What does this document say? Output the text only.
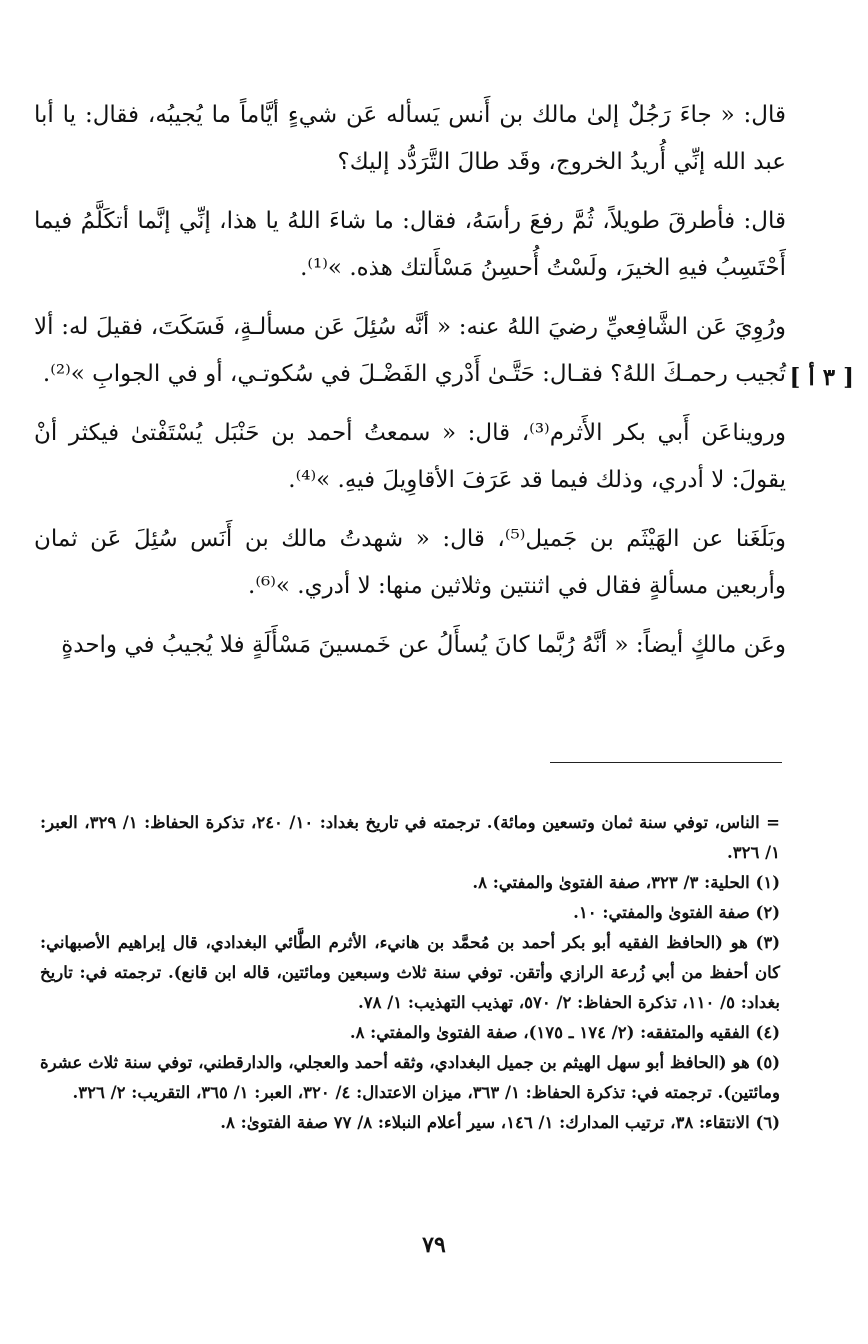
[ ٣ أ ]

قال: « جاءَ رَجُلٌ إلىٰ مالك بن أَنس يَسأله عَن شيءٍ أيَّاماً ما يُجيبُه، فقال: يا أبا عبد الله إنِّي أُريدُ الخروج، وقَد طالَ التَّرَدُّد إليك؟

قال: فأطرقَ طويلاً، ثُمَّ رفعَ رأسَهُ، فقال: ما شاءَ اللهُ يا هذا، إنِّي إنَّما أتكَلَّمُ فيما أَحْتَسِبُ فيهِ الخيرَ، ولَسْتُ أُحسِنُ مَسْأَلتك هذه. »⁽¹⁾.

ورُوِيَ عَن الشَّافِعيِّ رضيَ اللهُ عنه: « أنَّه سُئِلَ عَن مسألـةٍ، فَسَكَتَ، فقيلَ له: ألا تُجيب رحمـكَ اللهُ؟ فقـال: حَتَّـىٰ أَدْري الفَضْـلَ في سُكوتـي، أو في الجوابِ »⁽²⁾.

ورويناعَن أَبي بكر الأَثرم⁽³⁾، قال: « سمعتُ أحمد بن حَنْبَل يُسْتَفْتىٰ فيكثر أنْ يقولَ: لا أدري، وذلك فيما قد عَرَفَ الأقاوِيلَ فيهِ. »⁽⁴⁾.

وبَلَغَنا عن الهَيْثَم بن جَميل⁽⁵⁾، قال: « شهدتُ مالك بن أَنَس سُئِلَ عَن ثمان وأربعين مسألةٍ فقال في اثنتين وثلاثين منها: لا أدري. »⁽⁶⁾.

وعَن مالكٍ أيضاً: « أنَّهُ رُبَّما كانَ يُسأَلُ عن خَمسينَ مَسْأَلَةٍ فلا يُجيبُ في واحدةٍ

= الناس، توفي سنة ثمان وتسعين ومائة). ترجمته في تاريخ بغداد: ١٠/ ٢٤٠، تذكرة الحفاظ: ١/ ٣٢٩، العبر: ١/ ٣٢٦.

(١) الحلية: ٣/ ٣٢٣، صفة الفتوىٰ والمفتي: ٨.

(٢) صفة الفتوىٰ والمفتي: ١٠.

(٣) هو (الحافظ الفقيه أبو بكر أحمد بن مُحمَّد بن هانيء، الأثرم الطَّائي البغدادي، قال إبراهيم الأصبهاني: كان أحفظ من أبي زُرعة الرازي وأتقن. توفي سنة ثلاث وسبعين ومائتين، قاله ابن قانع). ترجمته في: تاريخ بغداد: ٥/ ١١٠، تذكرة الحفاظ: ٢/ ٥٧٠، تهذيب التهذيب: ١/ ٧٨.

(٤) الفقيه والمتفقه: (٢/ ١٧٤ ـ ١٧٥)، صفة الفتوىٰ والمفتي: ٨.

(٥) هو (الحافظ أبو سهل الهيثم بن جميل البغدادي، وثقه أحمد والعجلي، والدارقطني، توفي سنة ثلاث عشرة ومائتين). ترجمته في: تذكرة الحفاظ: ١/ ٣٦٣، ميزان الاعتدال: ٤/ ٣٢٠، العبر: ١/ ٣٦٥، التقريب: ٢/ ٣٢٦.

(٦) الانتقاء: ٣٨، ترتيب المدارك: ١/ ١٤٦، سير أعلام النبلاء: ٨/ ٧٧ صفة الفتوىٰ: ٨.

٧٩
